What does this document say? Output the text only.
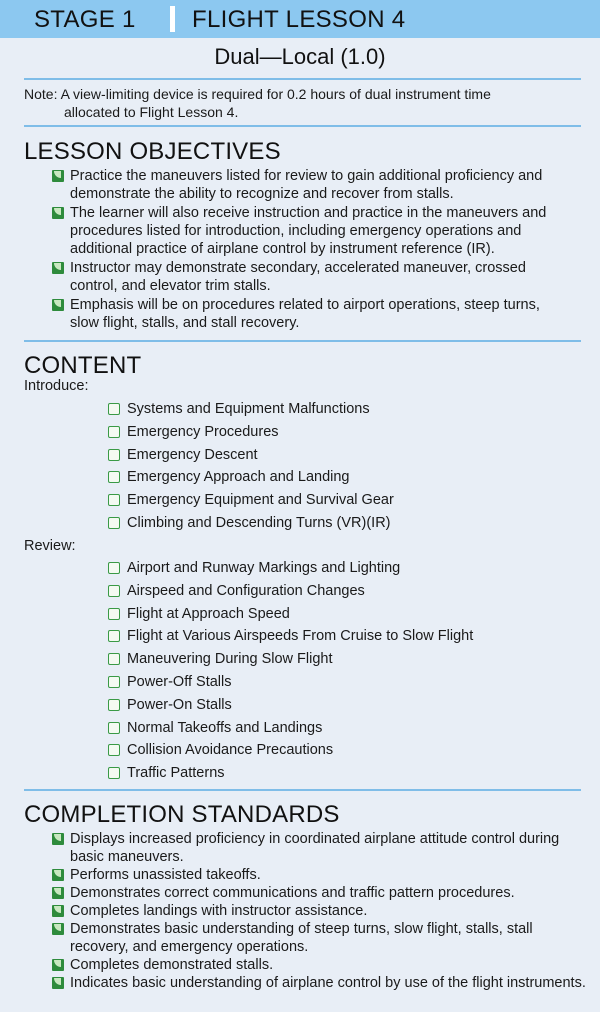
STAGE 1 FLIGHT LESSON 4
Dual—Local (1.0)
Note: A view-limiting device is required for 0.2 hours of dual instrument time
allocated to Flight Lesson 4.
LESSON OBJECTIVES
Practice the maneuvers listed for review to gain additional proficiency and demonstrate the ability to recognize and recover from stalls.
The learner will also receive instruction and practice in the maneuvers and procedures listed for introduction, including emergency operations and additional practice of airplane control by instrument reference (IR).
Instructor may demonstrate secondary, accelerated maneuver, crossed control, and elevator trim stalls.
Emphasis will be on procedures related to airport operations, steep turns, slow flight, stalls, and stall recovery.
CONTENT
Introduce:
Systems and Equipment Malfunctions
Emergency Procedures
Emergency Descent
Emergency Approach and Landing
Emergency Equipment and Survival Gear
Climbing and Descending Turns (VR)(IR)
Review:
Airport and Runway Markings and Lighting
Airspeed and Configuration Changes
Flight at Approach Speed
Flight at Various Airspeeds From Cruise to Slow Flight
Maneuvering During Slow Flight
Power-Off Stalls
Power-On Stalls
Normal Takeoffs and Landings
Collision Avoidance Precautions
Traffic Patterns
COMPLETION STANDARDS
Displays increased proficiency in coordinated airplane attitude control during basic maneuvers.
Performs unassisted takeoffs.
Demonstrates correct communications and traffic pattern procedures.
Completes landings with instructor assistance.
Demonstrates basic understanding of steep turns, slow flight, stalls, stall recovery, and emergency operations.
Completes demonstrated stalls.
Indicates basic understanding of airplane control by use of the flight instruments.
